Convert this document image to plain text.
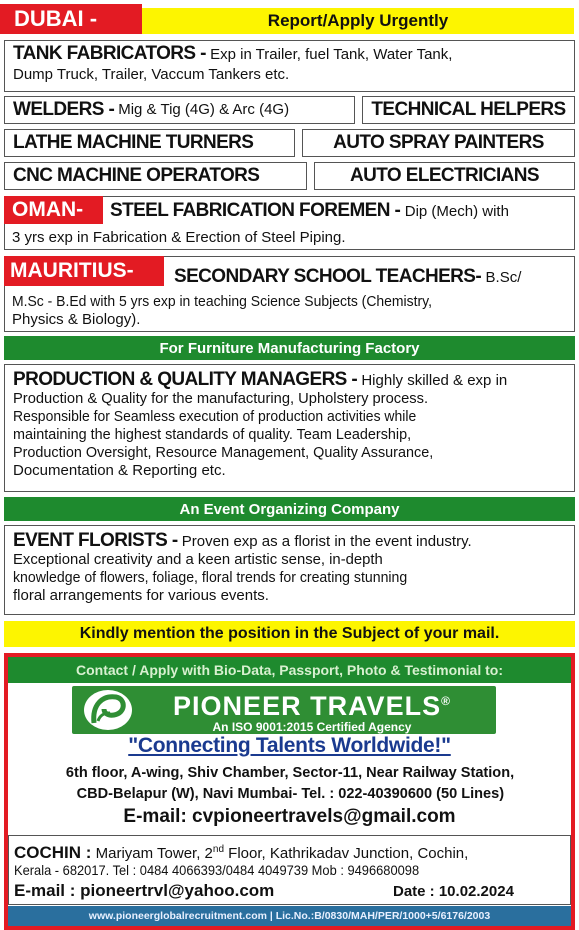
DUBAI -	Report/Apply Urgently
TANK FABRICATORS - Exp in Trailer, fuel Tank, Water Tank,
Dump Truck, Trailer, Vaccum Tankers etc.
WELDERS - Mig & Tig (4G) & Arc (4G)	TECHNICAL HELPERS
LATHE MACHINE TURNERS	AUTO SPRAY PAINTERS
CNC MACHINE OPERATORS	AUTO ELECTRICIANS
OMAN-	STEEL FABRICATION FOREMEN - Dip (Mech) with
3 yrs exp in Fabrication & Erection of Steel Piping.
MAURITIUS-	SECONDARY SCHOOL TEACHERS- B.Sc/
M.Sc - B.Ed with 5 yrs exp in teaching Science Subjects (Chemistry,
Physics & Biology).
For Furniture Manufacturing Factory
PRODUCTION & QUALITY MANAGERS - Highly skilled & exp in
Production & Quality for the manufacturing, Upholstery process.
Responsible for Seamless execution of production activities while
maintaining the highest standards of quality. Team Leadership,
Production Oversight, Resource Management, Quality Assurance,
Documentation & Reporting etc.
An Event Organizing Company
EVENT FLORISTS - Proven exp as a florist in the event industry.
Exceptional creativity and a keen artistic sense, in-depth
knowledge of flowers, foliage, floral trends for creating stunning
floral arrangements for various events.
Kindly mention the position in the Subject of your mail.
Contact / Apply with Bio-Data, Passport, Photo & Testimonial to:
PIONEER TRAVELS®
An ISO 9001:2015 Certified Agency
"Connecting Talents Worldwide!"
6th floor, A-wing, Shiv Chamber, Sector-11, Near Railway Station,
CBD-Belapur (W), Navi Mumbai- Tel. : 022-40390600 (50 Lines)
E-mail: cvpioneertravels@gmail.com
COCHIN : Mariyam Tower, 2nd Floor, Kathrikadav Junction, Cochin,
Kerala - 682017. Tel : 0484 4066393/0484 4049739 Mob : 9496680098
E-mail : pioneertrvl@yahoo.com	Date : 10.02.2024
www.pioneerglobalrecruitment.com | Lic.No.:B/0830/MAH/PER/1000+5/6176/2003
